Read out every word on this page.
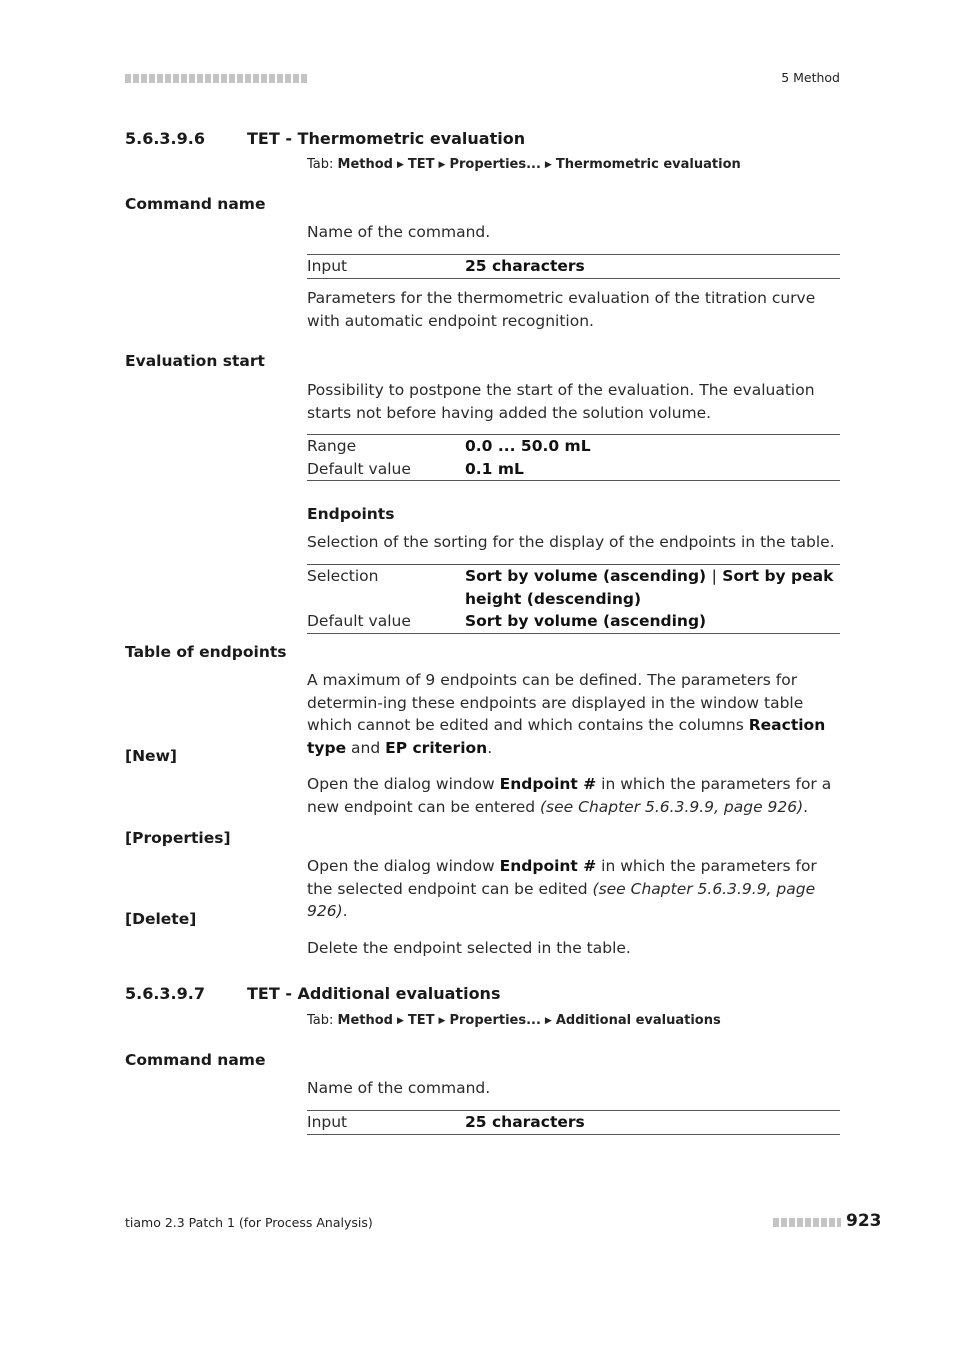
5 Method
5.6.3.9.6	TET - Thermometric evaluation
Tab: Method ▶ TET ▶ Properties... ▶ Thermometric evaluation
Command name
Name of the command.
Input	25 characters
Parameters for the thermometric evaluation of the titration curve with automatic endpoint recognition.
Evaluation start
Possibility to postpone the start of the evaluation. The evaluation starts not before having added the solution volume.
Range	0.0 ... 50.0 mL
Default value	0.1 mL
Endpoints
Selection of the sorting for the display of the endpoints in the table.
Selection	Sort by volume (ascending) | Sort by peak height (descending)
Default value	Sort by volume (ascending)
Table of endpoints
A maximum of 9 endpoints can be defined. The parameters for determin-ing these endpoints are displayed in the window table which cannot be edited and which contains the columns Reaction type and EP criterion.
[New]
Open the dialog window Endpoint # in which the parameters for a new endpoint can be entered (see Chapter 5.6.3.9.9, page 926).
[Properties]
Open the dialog window Endpoint # in which the parameters for the selected endpoint can be edited (see Chapter 5.6.3.9.9, page 926).
[Delete]
Delete the endpoint selected in the table.
5.6.3.9.7	TET - Additional evaluations
Tab: Method ▶ TET ▶ Properties... ▶ Additional evaluations
Command name
Name of the command.
Input	25 characters
tiamo 2.3 Patch 1 (for Process Analysis)	923
